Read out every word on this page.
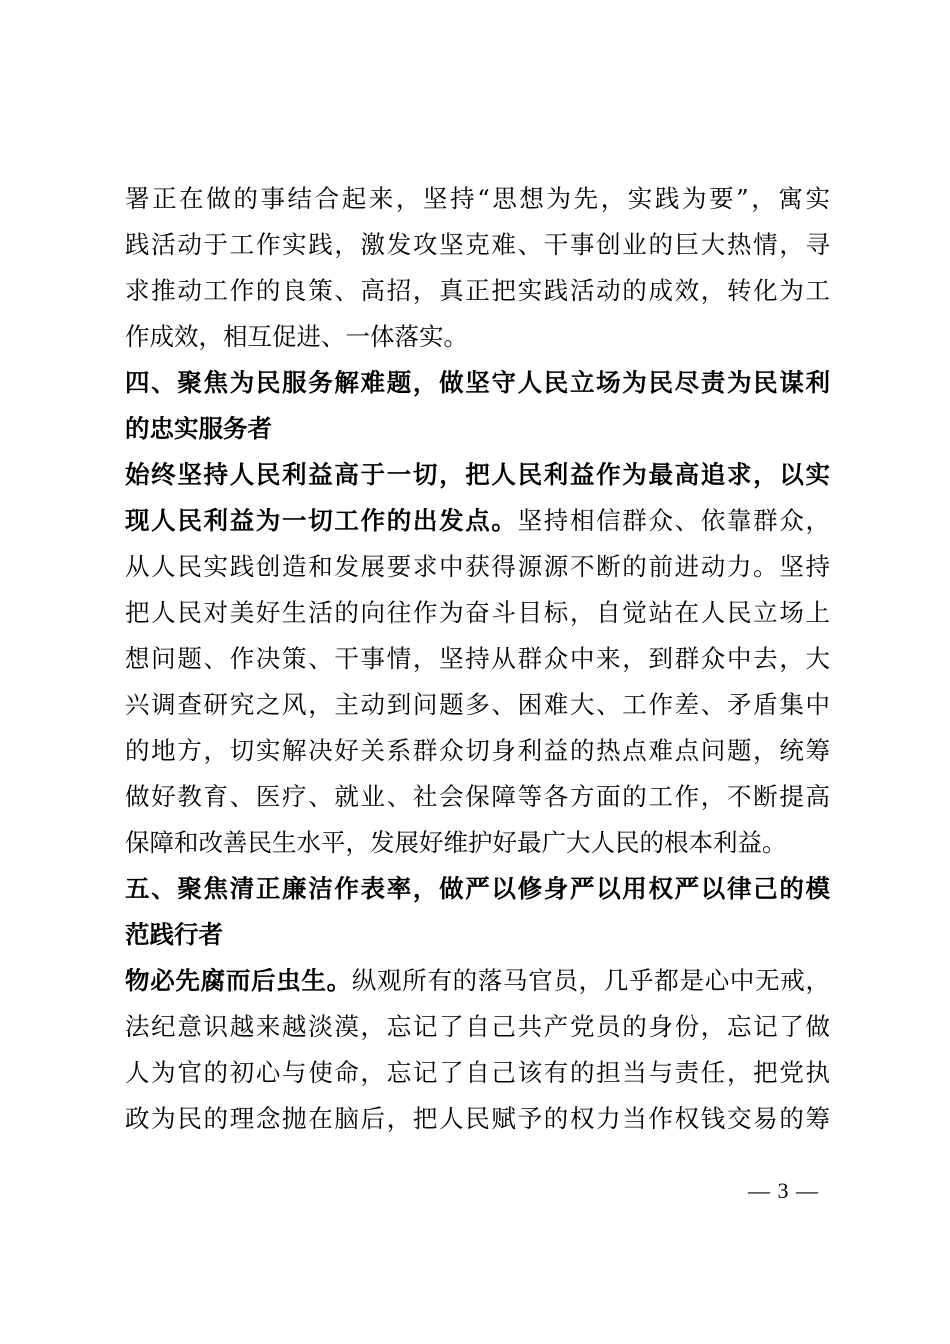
署正在做的事结合起来，坚持“思想为先，实践为要”，寓实
践活动于工作实践，激发攻坚克难、干事创业的巨大热情，寻
求推动工作的良策、高招，真正把实践活动的成效，转化为工
作成效，相互促进、一体落实。
四、聚焦为民服务解难题，做坚守人民立场为民尽责为民谋利
的忠实服务者
始终坚持人民利益高于一切，把人民利益作为最高追求，以实
现人民利益为一切工作的出发点。坚持相信群众、依靠群众，
从人民实践创造和发展要求中获得源源不断的前进动力。坚持
把人民对美好生活的向往作为奋斗目标，自觉站在人民立场上
想问题、作决策、干事情，坚持从群众中来，到群众中去，大
兴调查研究之风，主动到问题多、困难大、工作差、矛盾集中
的地方，切实解决好关系群众切身利益的热点难点问题，统筹
做好教育、医疗、就业、社会保障等各方面的工作，不断提高
保障和改善民生水平，发展好维护好最广大人民的根本利益。
五、聚焦清正廉洁作表率，做严以修身严以用权严以律己的模
范践行者
物必先腐而后虫生。纵观所有的落马官员，几乎都是心中无戒，
法纪意识越来越淡漠，忘记了自己共产党员的身份，忘记了做
人为官的初心与使命，忘记了自己该有的担当与责任，把党执
政为民的理念抛在脑后，把人民赋予的权力当作权钱交易的筹
— 3 —
